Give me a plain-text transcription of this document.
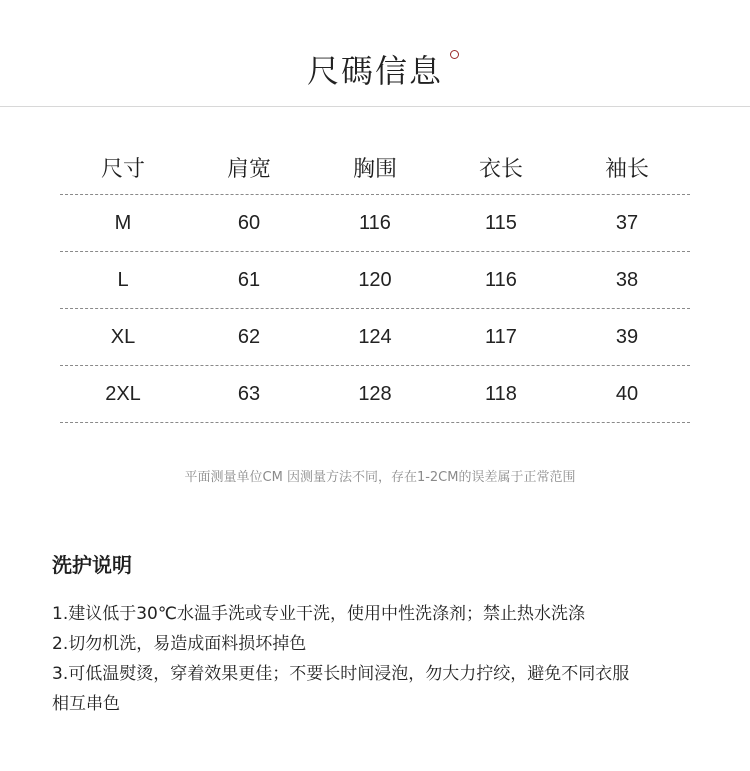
尺碼信息
尺寸	肩宽	胸围	衣长	袖长
M	60	116	115	37
L	61	120	116	38
XL	62	124	117	39
2XL	63	128	118	40
平面测量单位CM 因测量方法不同，存在1-2CM的误差属于正常范围
洗护说明
1.建议低于30℃水温手洗或专业干洗，使用中性洗涤剂；禁止热水洗涤
2.切勿机洗，易造成面料损坏掉色
3.可低温熨烫，穿着效果更佳；不要长时间浸泡，勿大力拧绞，避免不同衣服
相互串色
